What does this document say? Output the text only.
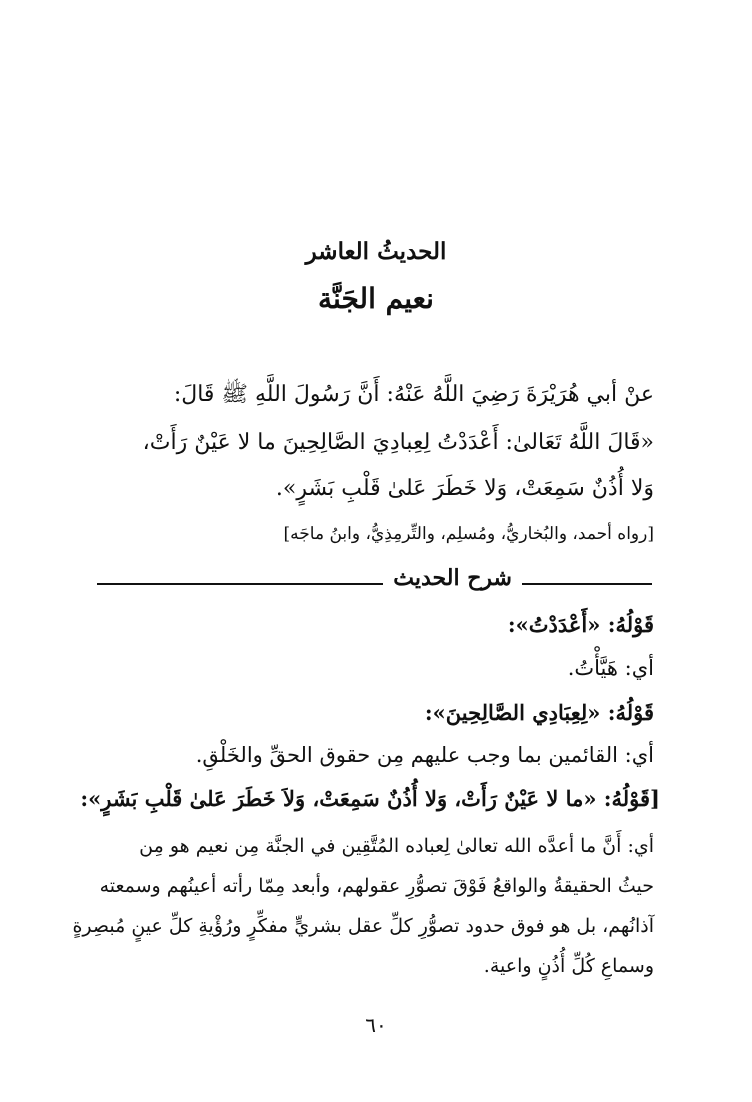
الحديثُ العاشر
نعيم الجَنَّة
عنْ أبي هُرَيْرَةَ رَضِيَ اللَّهُ عَنْهُ: أَنَّ رَسُولَ اللَّهِ ﷺ قَالَ:
«قَالَ اللَّهُ تَعَالىٰ: أَعْدَدْتُ لِعِبادِيَ الصَّالِحِينَ ما لا عَيْنٌ رَأَتْ،
وَلا أُذُنٌ سَمِعَتْ، وَلا خَطَرَ عَلىٰ قَلْبِ بَشَرٍ».
[رواه أحمد، والبُخاريُّ، ومُسلِم، والتِّرمِذِيُّ، وابنُ ماجَه]
شرح الحديث
قَوْلُهُ: «أَعْدَدْتُ»:
أي: هَيَّأْتُ.
قَوْلُهُ: «لِعِبَادِي الصَّالِحِينَ»:
أي: القائمين بما وجب عليهم مِن حقوق الحقِّ والخَلْقِ.
[قَوْلُهُ: «ما لا عَيْنٌ رَأَتْ، وَلا أُذُنٌ سَمِعَتْ، وَلاَ خَطَرَ عَلىٰ قَلْبِ بَشَرٍ»:
أي: أَنَّ ما أعدَّه الله تعالىٰ لِعباده المُتَّقِين في الجنَّة مِن نعيم هو مِن
حيثُ الحقيقةُ والواقعُ فَوْقَ تصوُّرِ عقولهم، وأبعد مِمّا رأته أعينُهم وسمعته
آذانُهم، بل هو فوق حدود تصوُّرِ كلِّ عقل بشريٍّ مفكِّرٍ ورُؤْيةِ كلِّ عينٍ مُبصِرةٍ
وسماعِ كُلِّ أُذُنٍ واعية.
٦٠
